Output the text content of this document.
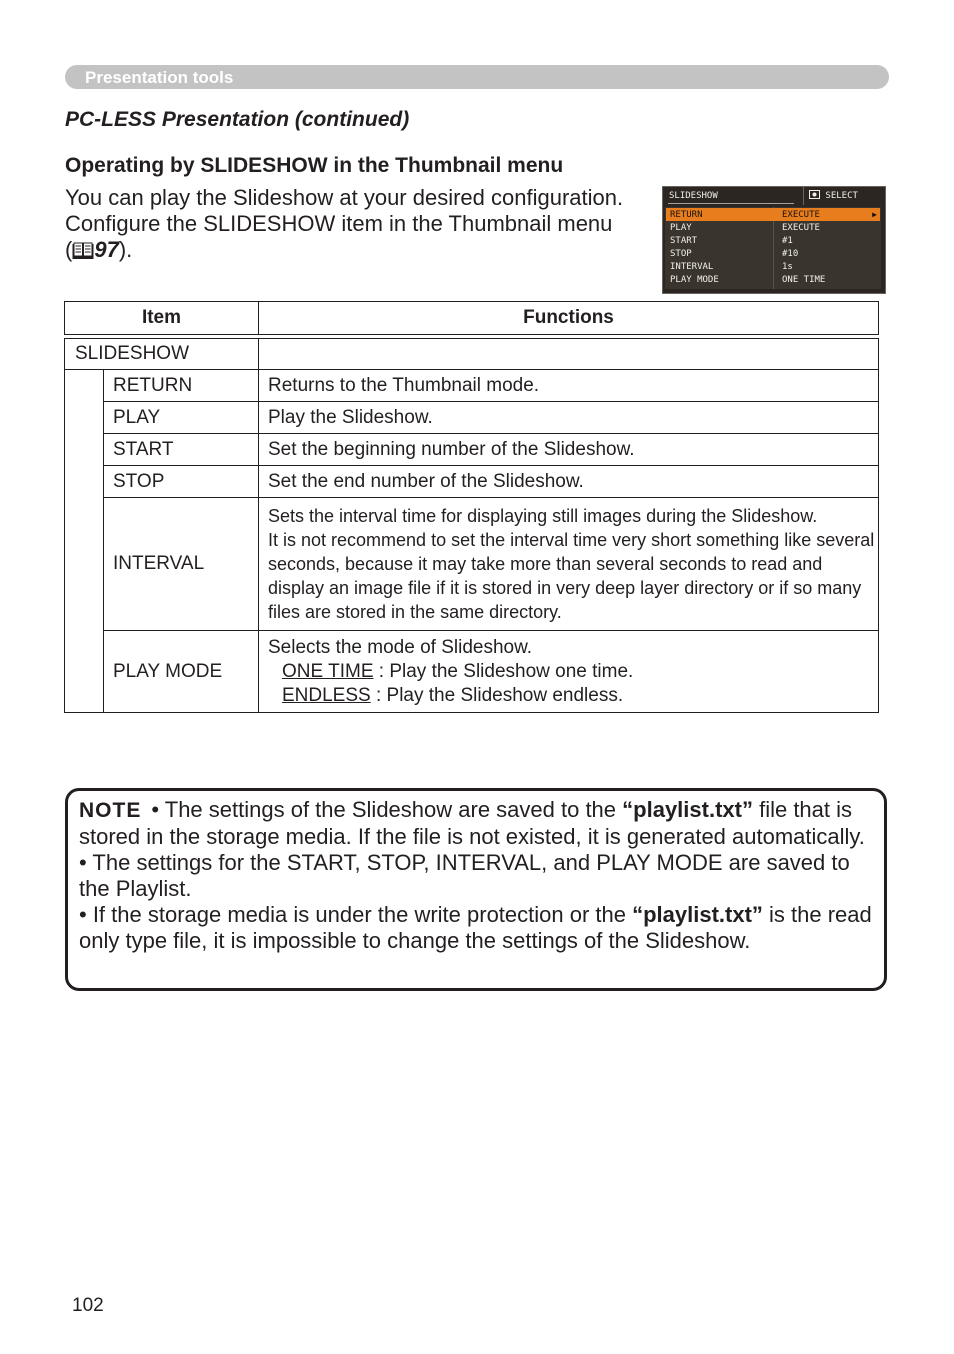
Presentation tools
PC-LESS Presentation (continued)
Operating by SLIDESHOW in the Thumbnail menu
You can play the Slideshow at your desired configuration. Configure the SLIDESHOW item in the Thumbnail menu
( 97).
SLIDESHOW	SELECT
RETURN	EXECUTE	▶
PLAY	EXECUTE
START	#1
STOP	#10
INTERVAL	1s
PLAY MODE	ONE TIME
Item		Functions

SLIDESHOW		
	RETURN	Returns to the Thumbnail mode.
	PLAY	Play the Slideshow.
	START	Set the beginning number of the Slideshow.
	STOP	Set the end number of the Slideshow.
	INTERVAL	Sets the interval time for displaying still images during the Slideshow.
It is not recommend to set the interval time very short something like several seconds, because it may take more than several seconds to read and display an image file if it is stored in very deep layer directory or if so many files are stored in the same directory.

	PLAY MODE	Selects the mode of Slideshow.
ONE TIME : Play the Slideshow one time.
ENDLESS : Play the Slideshow endless.
NOTE • The settings of the Slideshow are saved to the “playlist.txt” file that is stored in the storage media. If the file is not existed, it is generated automatically.
• The settings for the START, STOP, INTERVAL, and PLAY MODE are saved to the Playlist.
• If the storage media is under the write protection or the “playlist.txt” is the read only type file, it is impossible to change the settings of the Slideshow.
102
